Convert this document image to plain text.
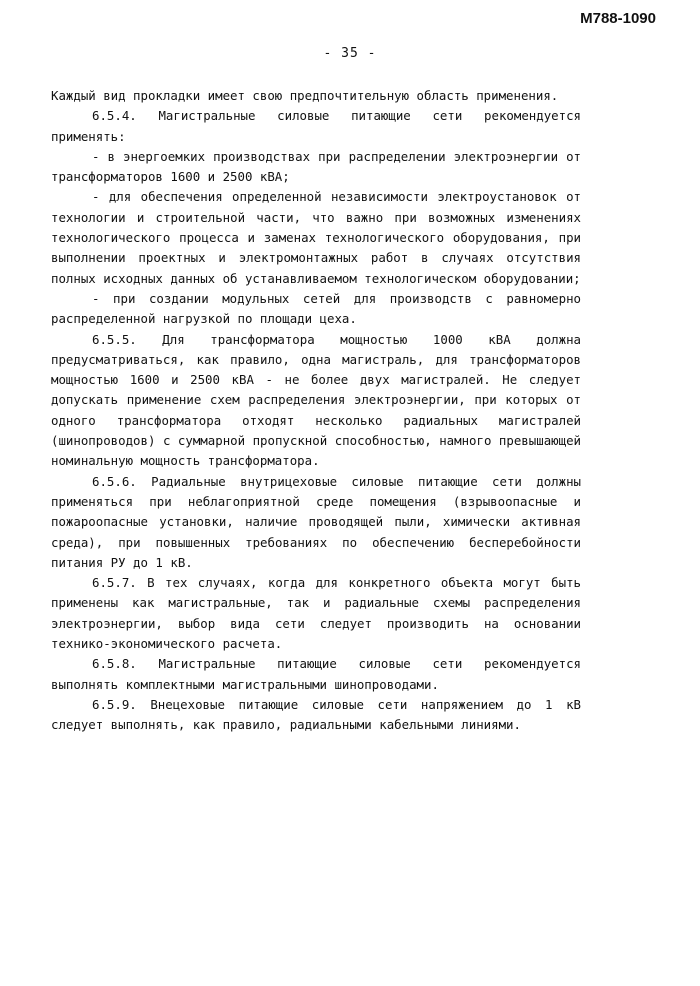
М788-1090
- 35 -

Каждый вид прокладки имеет свою предпочтительную область применения.

6.5.4. Магистральные силовые питающие сети рекомендуется применять:

- в энергоемких производствах при распределении электроэнергии от трансформаторов 1600 и 2500 кВА;

- для обеспечения определенной независимости электроустановок от технологии и строительной части, что важно при возможных изменениях технологического процесса и заменах технологического оборудования, при выполнении проектных и электромонтажных работ в случаях отсутствия полных исходных данных об устанавливаемом технологическом оборудовании;

- при создании модульных сетей для производств с равномерно распределенной нагрузкой по площади цеха.

6.5.5. Для трансформатора мощностью 1000 кВА должна предусматриваться, как правило, одна магистраль, для трансформаторов мощностью 1600 и 2500 кВА - не более двух магистралей. Не следует допускать применение схем распределения электроэнергии, при которых от одного трансформатора отходят несколько радиальных магистралей (шинопроводов) с суммарной пропускной способностью, намного превышающей номинальную мощность трансформатора.

6.5.6. Радиальные внутрицеховые силовые питающие сети должны применяться при неблагоприятной среде помещения (взрывоопасные и пожароопасные установки, наличие проводящей пыли, химически активная среда), при повышенных требованиях по обеспечению бесперебойности питания РУ до 1 кВ.

6.5.7. В тех случаях, когда для конкретного объекта могут быть применены как магистральные, так и радиальные схемы распределения электроэнергии, выбор вида сети следует производить на основании технико-экономического расчета.

6.5.8. Магистральные питающие силовые сети рекомендуется выполнять комплектными магистральными шинопроводами.

6.5.9. Внецеховые питающие силовые сети напряжением до 1 кВ следует выполнять, как правило, радиальными кабельными линиями.
